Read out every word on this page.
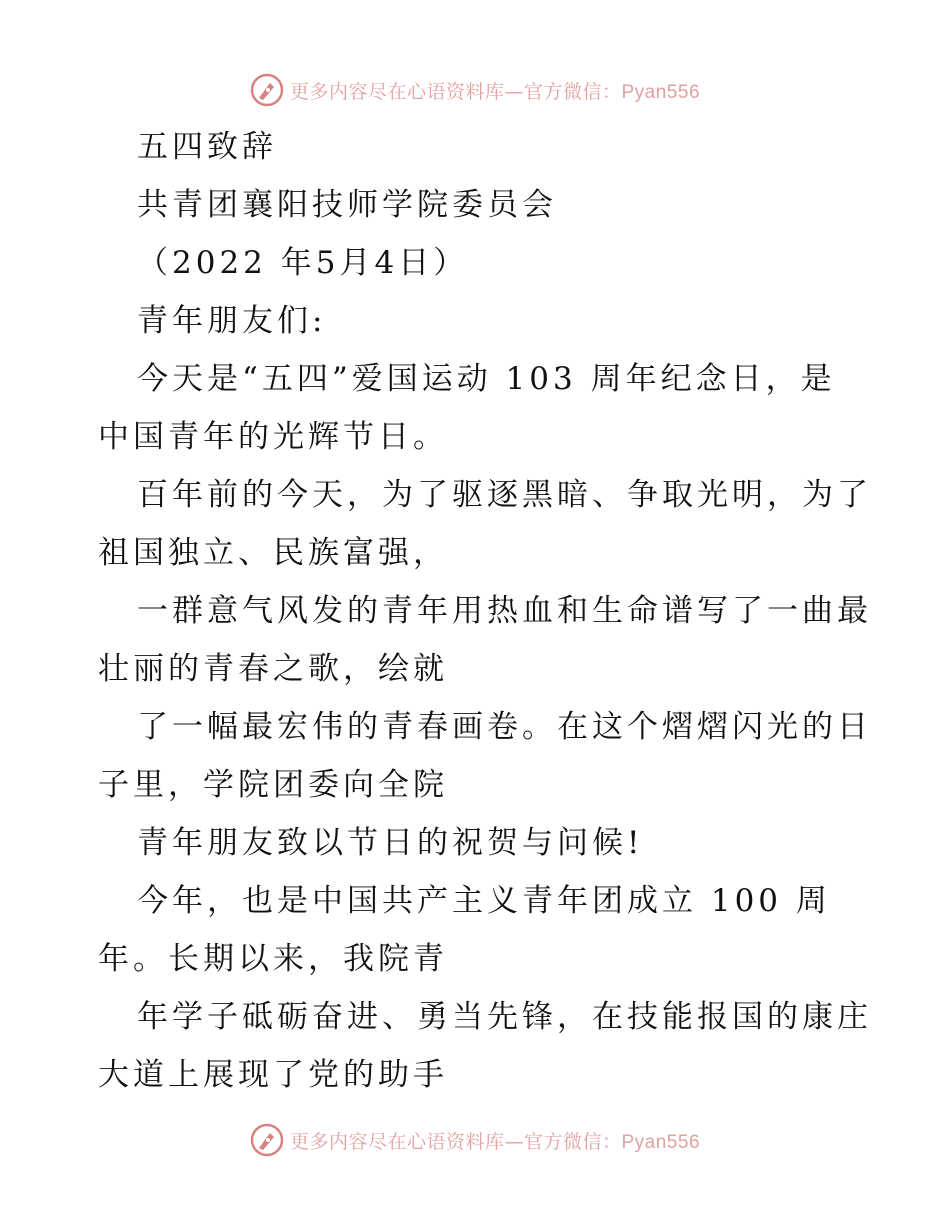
更多内容尽在心语资料库—官方微信：Pyan556
五四致辞
共青团襄阳技师学院委员会
（2022 年5月4日）
青年朋友们:
今天是“五四”爱国运动 103 周年纪念日，是
中国青年的光辉节日。
百年前的今天，为了驱逐黑暗、争取光明，为了
祖国独立、民族富强，
一群意气风发的青年用热血和生命谱写了一曲最
壮丽的青春之歌，绘就
了一幅最宏伟的青春画卷。在这个熠熠闪光的日
子里，学院团委向全院
青年朋友致以节日的祝贺与问候!
今年，也是中国共产主义青年团成立 100 周
年。长期以来，我院青
年学子砥砺奋进、勇当先锋，在技能报国的康庄
大道上展现了党的助手
更多内容尽在心语资料库—官方微信：Pyan556
